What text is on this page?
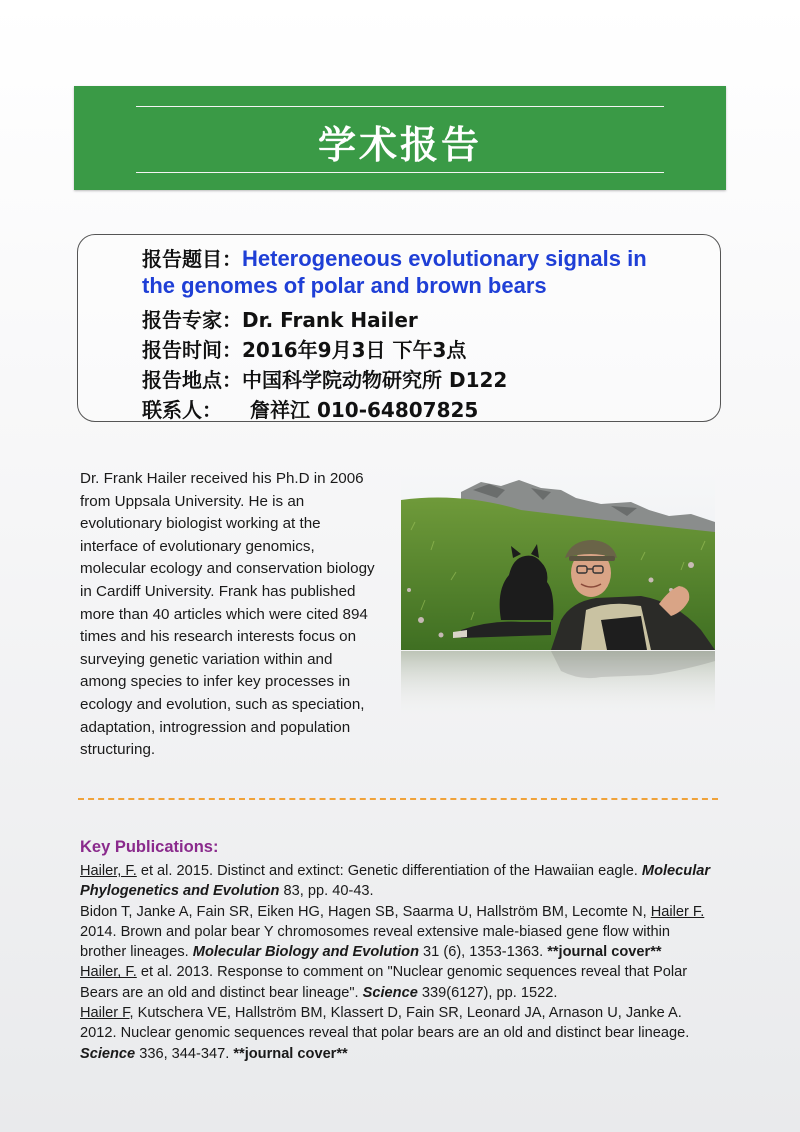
学术报告
报告题目：Heterogeneous evolutionary signals in
the genomes of polar and brown bears
报告专家：Dr. Frank Hailer
报告时间：2016年9月3日 下午3点
报告地点：中国科学院动物研究所 D122
联系人： 詹祥江 010-64807825
Dr. Frank Hailer received his Ph.D in 2006
from Uppsala University. He is an
evolutionary biologist working at the
interface of evolutionary genomics,
molecular ecology and conservation biology
in Cardiff University. Frank has published
more than 40 articles which were cited 894
times and his research interests focus on
surveying genetic variation within and
among species to infer key processes in
ecology and evolution, such as speciation,
adaptation, introgression and population
structuring.
Key Publications:
Hailer, F. et al. 2015. Distinct and extinct: Genetic differentiation of the Hawaiian eagle. Molecular
Phylogenetics and Evolution 83, pp. 40-43.
Bidon T, Janke A, Fain SR, Eiken HG, Hagen SB, Saarma U, Hallström BM, Lecomte N, Hailer F.
2014. Brown and polar bear Y chromosomes reveal extensive male-biased gene flow within
brother lineages. Molecular Biology and Evolution 31 (6), 1353-1363. **journal cover**
Hailer, F. et al. 2013. Response to comment on "Nuclear genomic sequences reveal that Polar
Bears are an old and distinct bear lineage". Science 339(6127), pp. 1522.
Hailer F, Kutschera VE, Hallström BM, Klassert D, Fain SR, Leonard JA, Arnason U, Janke A.
2012. Nuclear genomic sequences reveal that polar bears are an old and distinct bear lineage.
Science 336, 344-347. **journal cover**
